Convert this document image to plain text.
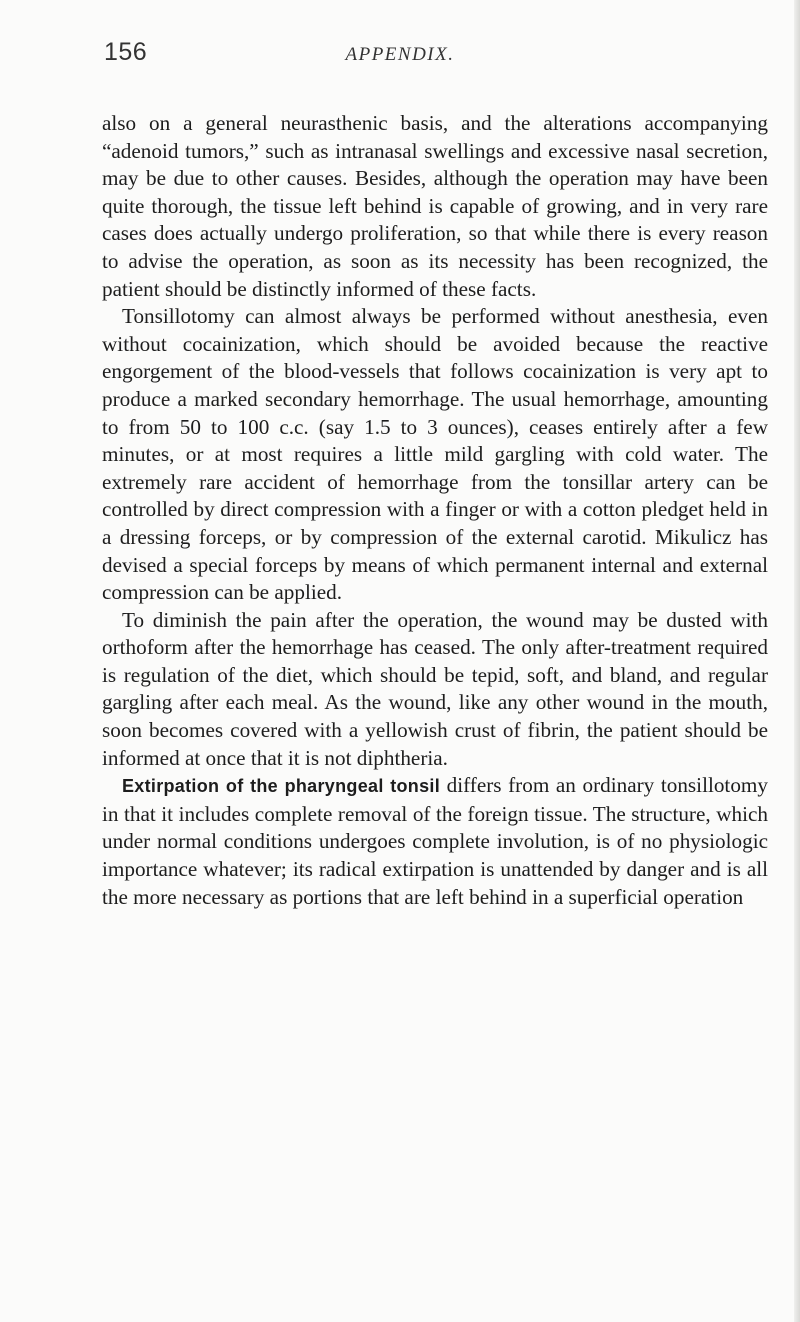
156	APPENDIX.

also on a general neurasthenic basis, and the alterations accompanying “adenoid tumors,” such as intranasal swellings and excessive nasal secretion, may be due to other causes. Besides, although the operation may have been quite thorough, the tissue left behind is capable of growing, and in very rare cases does actually undergo proliferation, so that while there is every reason to advise the operation, as soon as its necessity has been recognized, the patient should be distinctly informed of these facts.

Tonsillotomy can almost always be performed without anesthesia, even without cocainization, which should be avoided because the reactive engorgement of the blood-vessels that follows cocainization is very apt to produce a marked secondary hemorrhage. The usual hemorrhage, amounting to from 50 to 100 c.c. (say 1.5 to 3 ounces), ceases entirely after a few minutes, or at most requires a little mild gargling with cold water. The extremely rare accident of hemorrhage from the tonsillar artery can be controlled by direct compression with a finger or with a cotton pledget held in a dressing forceps, or by compression of the external carotid. Mikulicz has devised a special forceps by means of which permanent internal and external compression can be applied.

To diminish the pain after the operation, the wound may be dusted with orthoform after the hemorrhage has ceased. The only after-treatment required is regulation of the diet, which should be tepid, soft, and bland, and regular gargling after each meal. As the wound, like any other wound in the mouth, soon becomes covered with a yellowish crust of fibrin, the patient should be informed at once that it is not diphtheria.

Extirpation of the pharyngeal tonsil differs from an ordinary tonsillotomy in that it includes complete removal of the foreign tissue. The structure, which under normal conditions undergoes complete involution, is of no physiologic importance whatever; its radical extirpation is unattended by danger and is all the more necessary as portions that are left behind in a superficial operation
